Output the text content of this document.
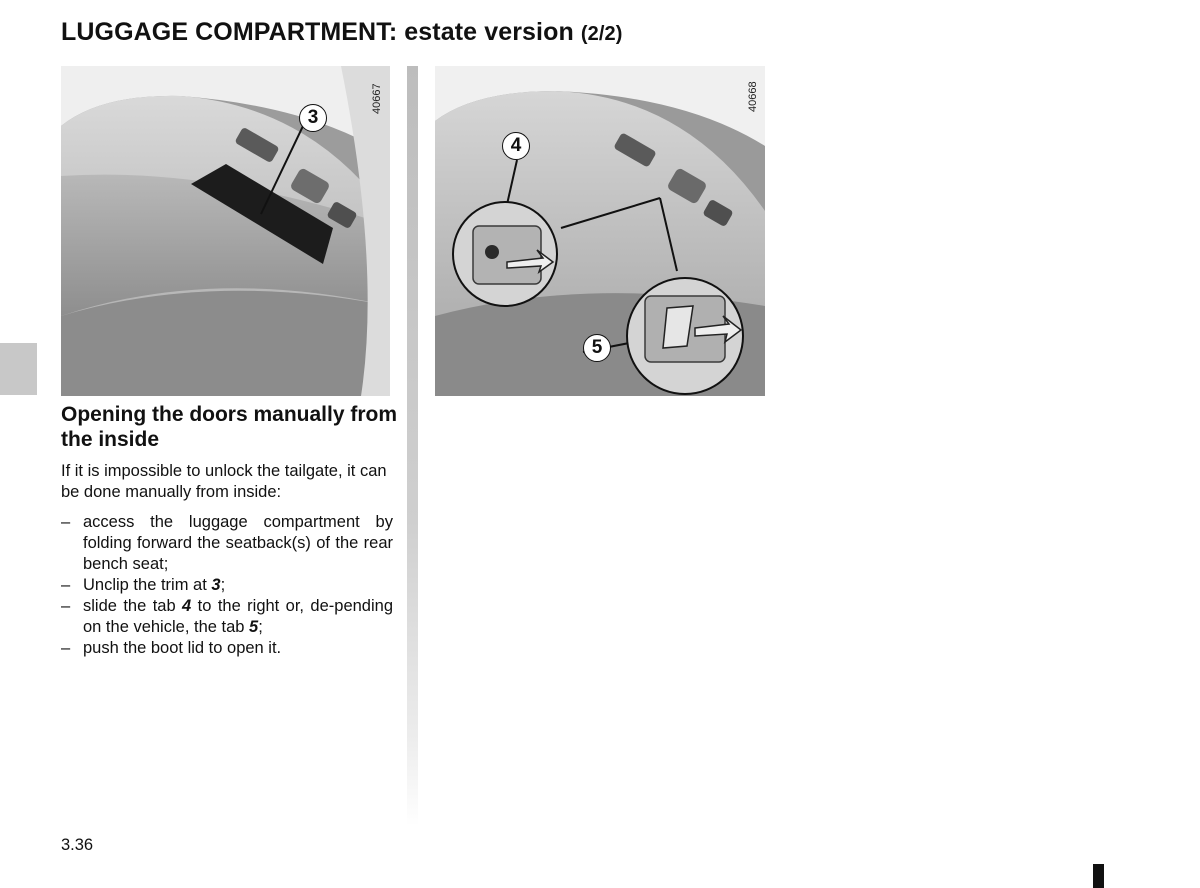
LUGGAGE COMPARTMENT: estate version (2/2)
40667
3
40668
4
5
Opening the doors manually from the inside
If it is impossible to unlock the tailgate, it can be done manually from inside:
– access the luggage compartment by folding forward the seatback(s) of the rear bench seat;
– Unclip the trim at 3;
– slide the tab 4 to the right or, de-pending on the vehicle, the tab 5;
– push the boot lid to open it.
3.36
